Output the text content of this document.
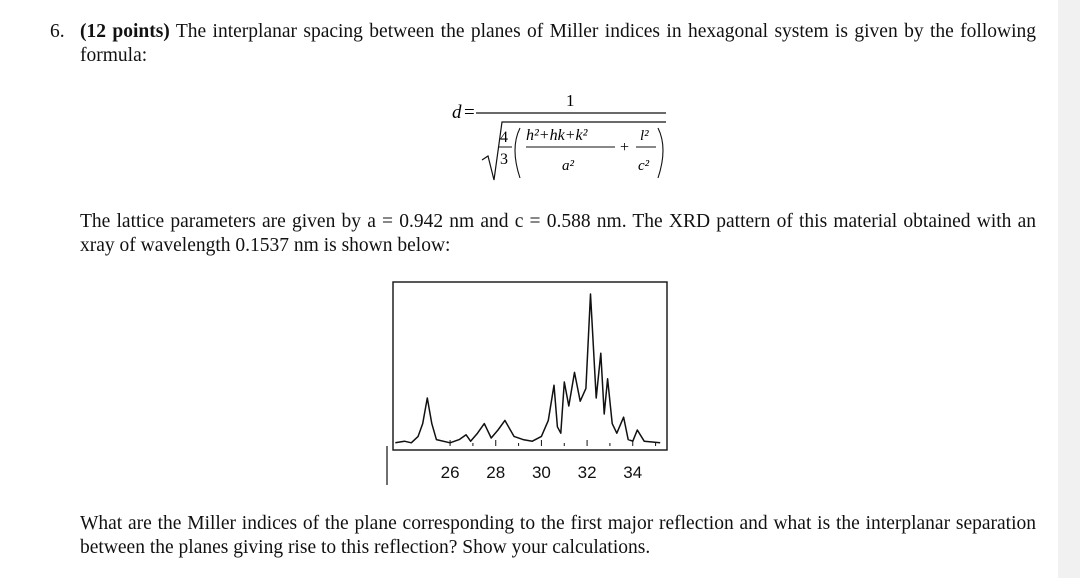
6. (12 points) The interplanar spacing between the planes of Miller indices in hexagonal system is given by the following formula:
d =
1
4
3
h²+hk+k²
a²
+
l²
c²
The lattice parameters are given by a = 0.942 nm and c = 0.588 nm. The XRD pattern of this material obtained with an xray of wavelength 0.1537 nm is shown below:
26 28 30 32 34
What are the Miller indices of the plane corresponding to the first major reflection and what is the interplanar separation between the planes giving rise to this reflection? Show your calculations.
